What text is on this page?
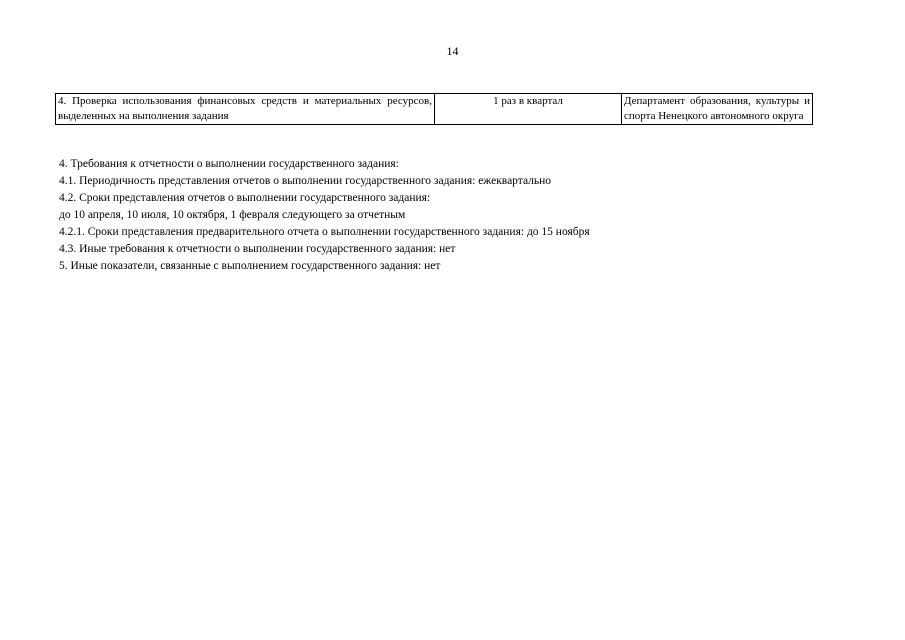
14
4. Проверка использования финансовых средств и материальных ресурсов, выделенных на выполнения задания	1 раз в квартал	Департамент образования, культуры и спорта Ненецкого автономного округа

4. Требования к отчетности о выполнении государственного задания:

4.1. Периодичность представления отчетов о выполнении государственного задания: ежеквартально

4.2. Сроки представления отчетов о выполнении государственного задания:

до 10 апреля, 10 июля, 10 октября, 1 февраля следующего за отчетным

4.2.1. Сроки представления предварительного отчета о выполнении государственного задания: до 15 ноября

4.3. Иные требования к отчетности о выполнении государственного задания: нет

5. Иные показатели, связанные с выполнением государственного задания: нет
